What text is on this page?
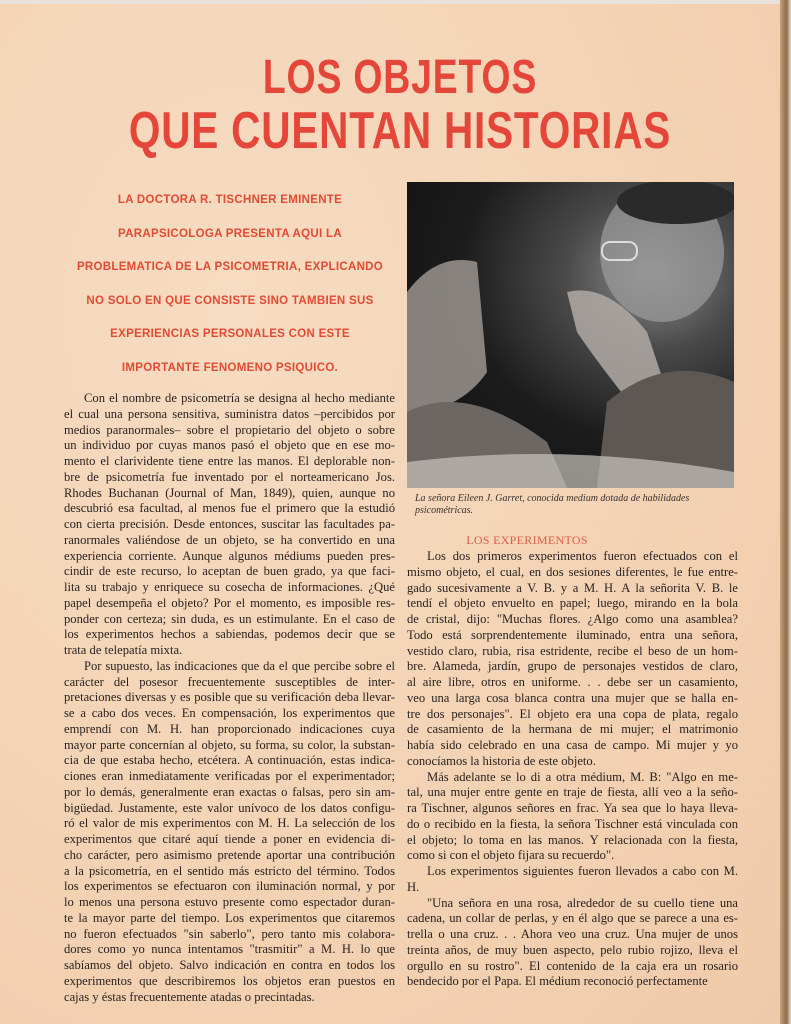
LOS OBJETOS
QUE CUENTAN HISTORIAS
LA DOCTORA R. TISCHNER EMINENTE
PARAPSICOLOGA PRESENTA AQUI LA
PROBLEMATICA DE LA PSICOMETRIA, EXPLICANDO
NO SOLO EN QUE CONSISTE SINO TAMBIEN SUS
EXPERIENCIAS PERSONALES CON ESTE
IMPORTANTE FENOMENO PSIQUICO.
La señora Eileen J. Garret, conocida medium dotada de habilidades psicométricas.
LOS EXPERIMENTOS
Con el nombre de psicometría se designa al hecho mediante
el cual una persona sensitiva, suministra datos –percibidos por
medios paranormales– sobre el propietario del objeto o sobre
un individuo por cuyas manos pasó el objeto que en ese mo-
mento el clarividente tiene entre las manos. El deplorable non-
bre de psicometría fue inventado por el norteamericano Jos.
Rhodes Buchanan (Journal of Man, 1849), quien, aunque no
descubrió esa facultad, al menos fue el primero que la estudió
con cierta precisión. Desde entonces, suscitar las facultades pa-
ranormales valiéndose de un objeto, se ha convertido en una
experiencia corriente. Aunque algunos médiums pueden pres-
cindir de este recurso, lo aceptan de buen grado, ya que faci-
lita su trabajo y enriquece su cosecha de informaciones. ¿Qué
papel desempeña el objeto? Por el momento, es imposible res-
ponder con certeza; sin duda, es un estimulante. En el caso de
los experimentos hechos a sabiendas, podemos decir que se
trata de telepatía mixta.
Por supuesto, las indicaciones que da el que percibe sobre el
carácter del posesor frecuentemente susceptibles de inter-
pretaciones diversas y es posible que su verificación deba llevar-
se a cabo dos veces. En compensación, los experimentos que
emprendí con M. H. han proporcionado indicaciones cuya
mayor parte concernían al objeto, su forma, su color, la substan-
cia de que estaba hecho, etcétera. A continuación, estas indica-
ciones eran inmediatamente verificadas por el experimentador;
por lo demás, generalmente eran exactas o falsas, pero sin am-
bigüedad. Justamente, este valor unívoco de los datos configu-
ró el valor de mis experimentos con M. H. La selección de los
experimentos que citaré aquí tiende a poner en evidencia di-
cho carácter, pero asimismo pretende aportar una contribución
a la psicometría, en el sentido más estricto del término. Todos
los experimentos se efectuaron con iluminación normal, y por
lo menos una persona estuvo presente como espectador duran-
te la mayor parte del tiempo. Los experimentos que citaremos
no fueron efectuados "sin saberlo", pero tanto mis colabora-
dores como yo nunca intentamos "trasmitir" a M. H. lo que
sabíamos del objeto. Salvo indicación en contra en todos los
experimentos que describiremos los objetos eran puestos en
cajas y éstas frecuentemente atadas o precintadas.
Los dos primeros experimentos fueron efectuados con el
mismo objeto, el cual, en dos sesiones diferentes, le fue entre-
gado sucesivamente a V. B. y a M. H. A la señorita V. B. le
tendí el objeto envuelto en papel; luego, mirando en la bola
de cristal, dijo: "Muchas flores. ¿Algo como una asamblea?
Todo está sorprendentemente iluminado, entra una señora,
vestido claro, rubia, risa estridente, recibe el beso de un hom-
bre. Alameda, jardín, grupo de personajes vestidos de claro,
al aire libre, otros en uniforme. . . debe ser un casamiento,
veo una larga cosa blanca contra una mujer que se halla en-
tre dos personajes". El objeto era una copa de plata, regalo
de casamiento de la hermana de mi mujer; el matrimonio
había sido celebrado en una casa de campo. Mi mujer y yo
conocíamos la historia de este objeto.
Más adelante se lo di a otra médium, M. B: "Algo en me-
tal, una mujer entre gente en traje de fiesta, allí veo a la seño-
ra Tischner, algunos señores en frac. Ya sea que lo haya lleva-
do o recibido en la fiesta, la señora Tischner está vinculada con
el objeto; lo toma en las manos. Y relacionada con la fiesta,
como si con el objeto fijara su recuerdo".
Los experimentos siguientes fueron llevados a cabo con M.
H.
"Una señora en una rosa, alrededor de su cuello tiene una
cadena, un collar de perlas, y en él algo que se parece a una es-
trella o una cruz. . . Ahora veo una cruz. Una mujer de unos
treinta años, de muy buen aspecto, pelo rubio rojizo, lleva el
orgullo en su rostro". El contenido de la caja era un rosario
bendecido por el Papa. El médium reconoció perfectamente
